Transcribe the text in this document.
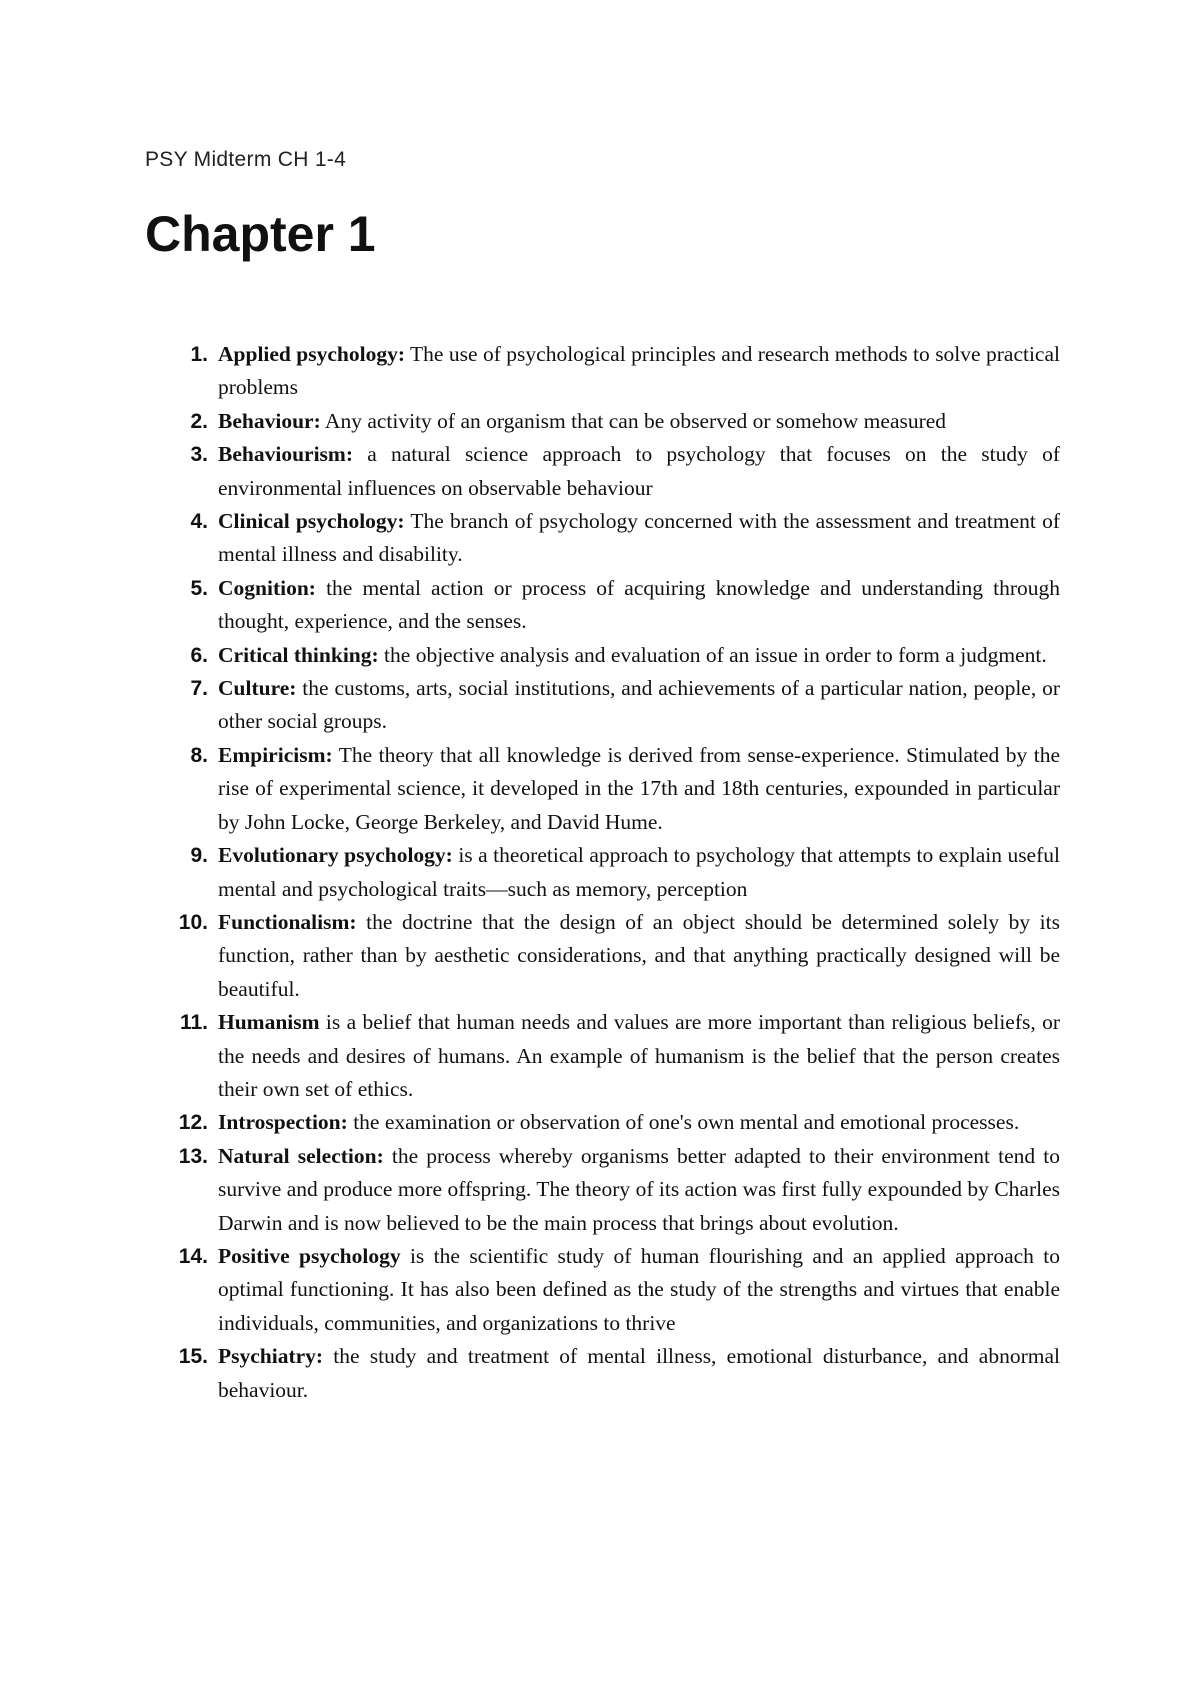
PSY Midterm CH 1-4

Chapter 1
1. Applied psychology: The use of psychological principles and research methods to solve practical problems
2. Behaviour: Any activity of an organism that can be observed or somehow measured
3. Behaviourism: a natural science approach to psychology that focuses on the study of environmental influences on observable behaviour
4. Clinical psychology: The branch of psychology concerned with the assessment and treatment of mental illness and disability.
5. Cognition: the mental action or process of acquiring knowledge and understanding through thought, experience, and the senses.
6. Critical thinking: the objective analysis and evaluation of an issue in order to form a judgment.
7. Culture: the customs, arts, social institutions, and achievements of a particular nation, people, or other social groups.
8. Empiricism: The theory that all knowledge is derived from sense-experience. Stimulated by the rise of experimental science, it developed in the 17th and 18th centuries, expounded in particular by John Locke, George Berkeley, and David Hume.
9. Evolutionary psychology: is a theoretical approach to psychology that attempts to explain useful mental and psychological traits—such as memory, perception
10. Functionalism: the doctrine that the design of an object should be determined solely by its function, rather than by aesthetic considerations, and that anything practically designed will be beautiful.
11. Humanism is a belief that human needs and values are more important than religious beliefs, or the needs and desires of humans. An example of humanism is the belief that the person creates their own set of ethics.
12. Introspection: the examination or observation of one's own mental and emotional processes.
13. Natural selection: the process whereby organisms better adapted to their environment tend to survive and produce more offspring. The theory of its action was first fully expounded by Charles Darwin and is now believed to be the main process that brings about evolution.
14. Positive psychology is the scientific study of human flourishing and an applied approach to optimal functioning. It has also been defined as the study of the strengths and virtues that enable individuals, communities, and organizations to thrive
15. Psychiatry: the study and treatment of mental illness, emotional disturbance, and abnormal behaviour.
